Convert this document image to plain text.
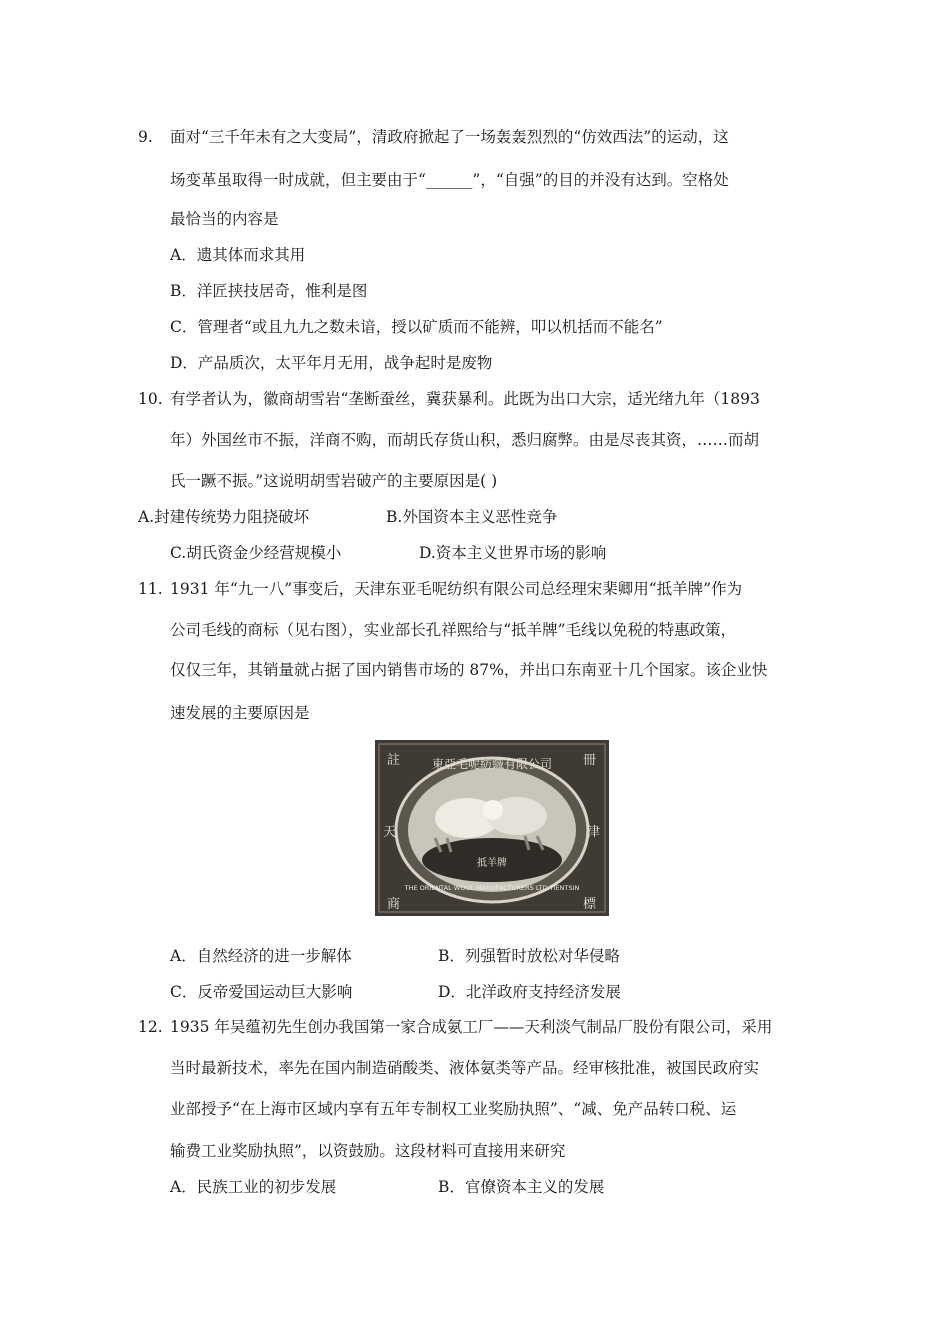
9. 面对“三千年未有之大变局”，清政府掀起了一场轰轰烈烈的“仿效西法”的运动，这
场变革虽取得一时成就，但主要由于“______”，“自强”的目的并没有达到。空格处
最恰当的内容是
A．遗其体而求其用
B．洋匠挟技居奇，惟利是图
C．管理者“或且九九之数未谙，授以矿质而不能辨，叩以机括而不能名”
D．产品质次，太平年月无用，战争起时是废物
10. 有学者认为，徽商胡雪岩“垄断蚕丝，冀获暴利。此既为出口大宗，适光绪九年（1893
年）外国丝市不振，洋商不购，而胡氏存货山积，悉归腐弊。由是尽丧其资，……而胡
氏一蹶不振。”这说明胡雪岩破产的主要原因是( )
A.封建传统势力阻挠破坏	B.外国资本主义恶性竞争
C.胡氏资金少经营规模小	D.资本主义世界市场的影响
11. 1931 年“九一八”事变后，天津东亚毛呢纺织有限公司总经理宋棐卿用“抵羊牌”作为
公司毛线的商标（见右图），实业部长孔祥熙给与“抵羊牌”毛线以免税的特惠政策，
仅仅三年，其销量就占据了国内销售市场的 87%，并出口东南亚十几个国家。该企业快
速发展的主要原因是
東亞毛呢紡織有限公司
註	冊
天	津
抵羊牌
THE ORIENTAL WOOL MANUFACTURERS LTD.TIENTSIN
商	標
A．自然经济的进一步解体	B．列强暂时放松对华侵略
C．反帝爱国运动巨大影响	D．北洋政府支持经济发展
12. 1935 年吴蕴初先生创办我国第一家合成氨工厂——天利淡气制品厂股份有限公司，采用
当时最新技术，率先在国内制造硝酸类、液体氨类等产品。经审核批准，被国民政府实
业部授予“在上海市区域内享有五年专制权工业奖励执照”、“减、免产品转口税、运
输费工业奖励执照”，以资鼓励。这段材料可直接用来研究
A．民族工业的初步发展	B．官僚资本主义的发展
